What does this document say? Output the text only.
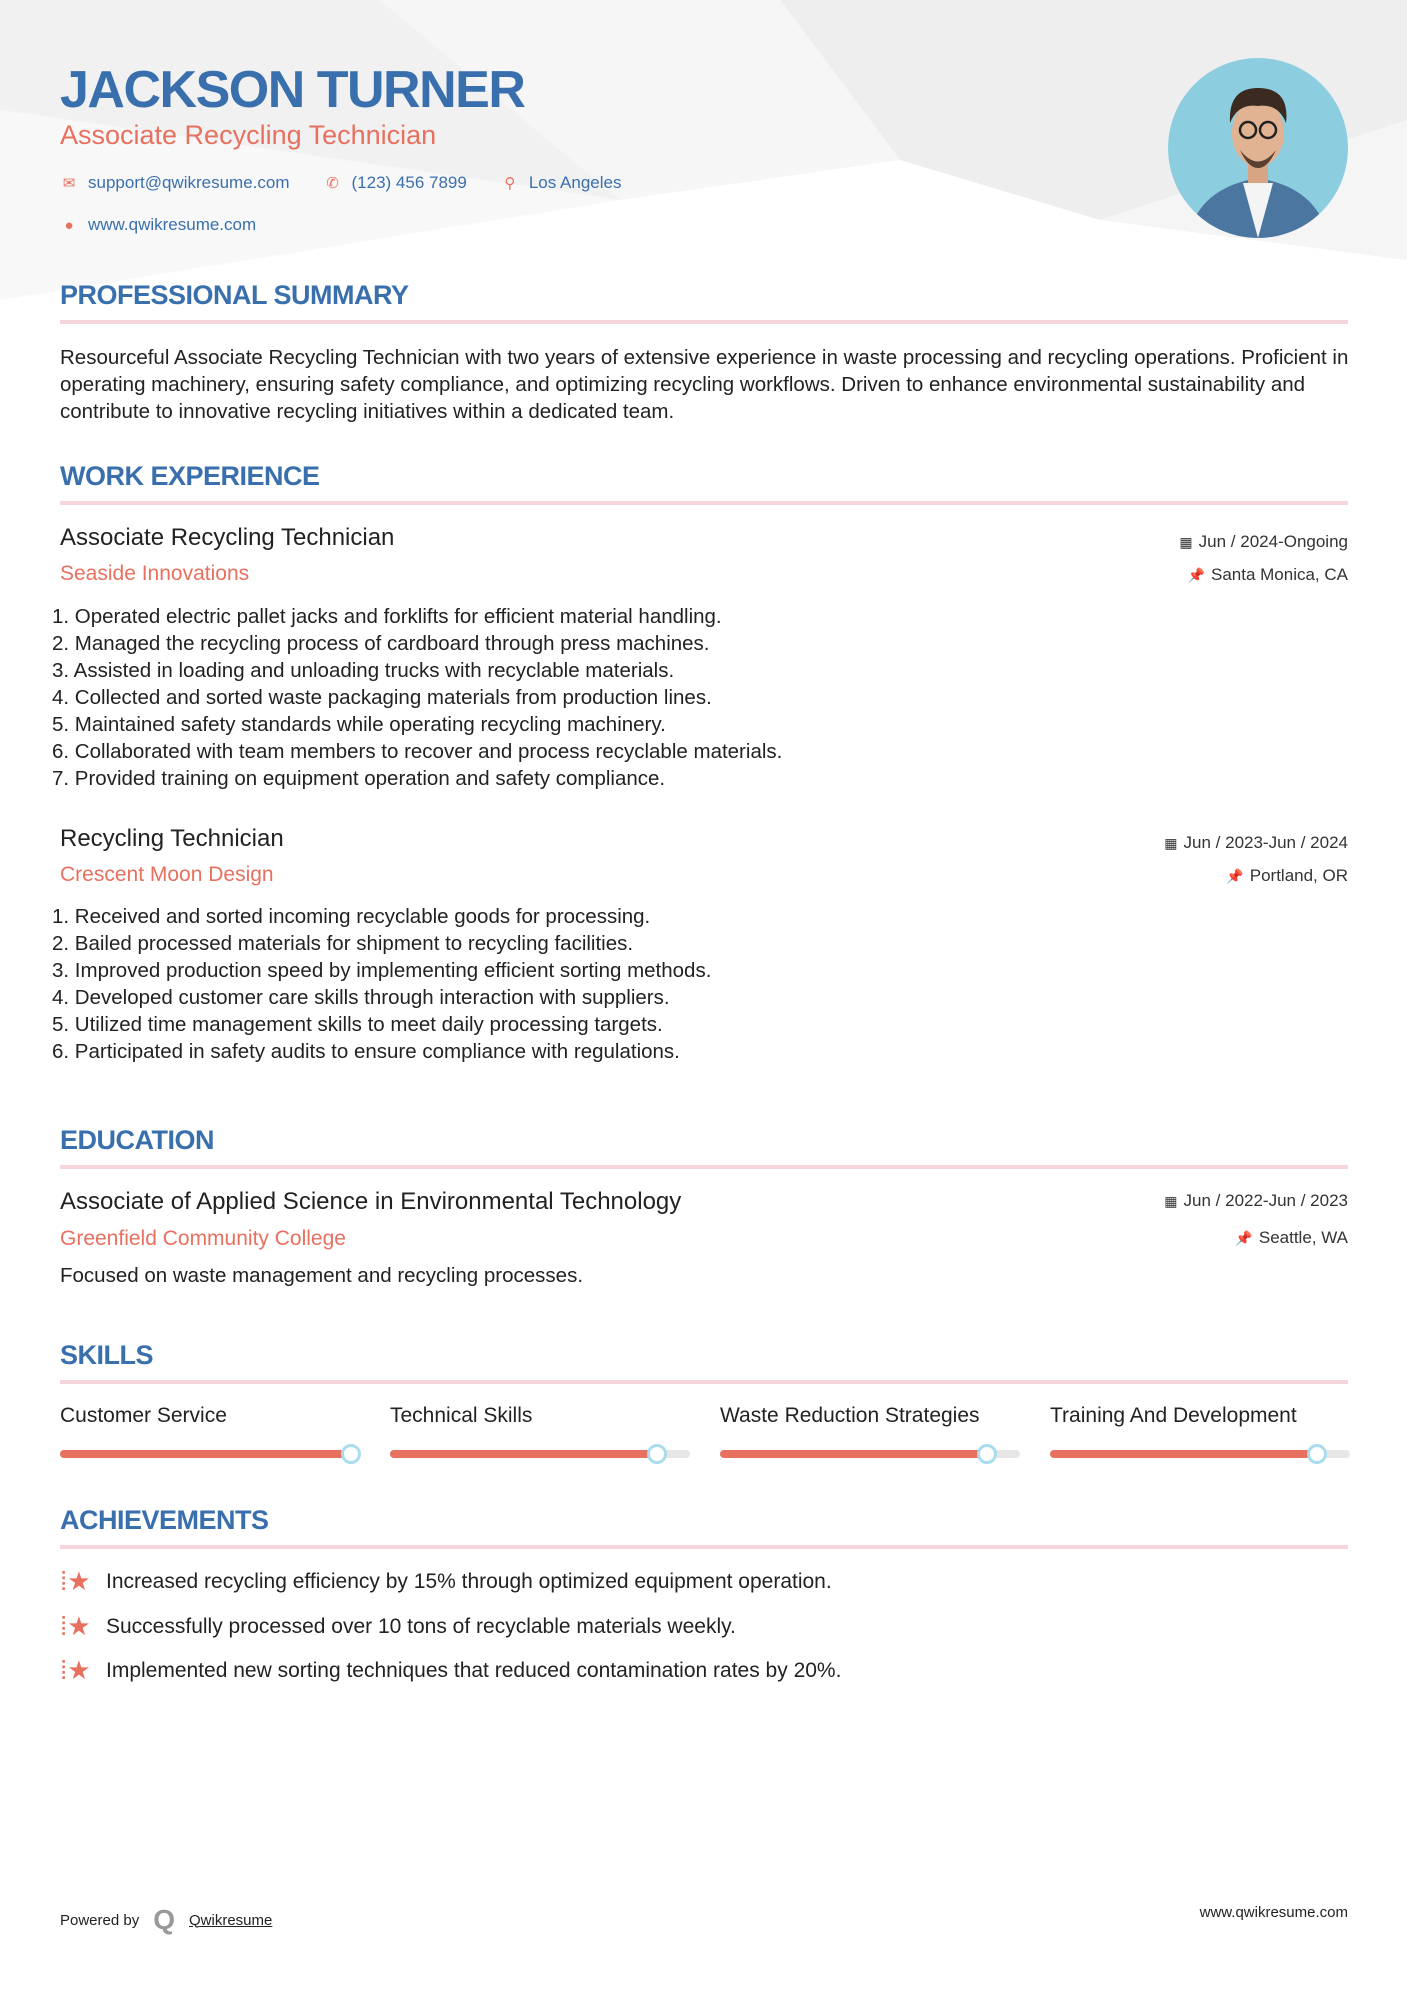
JACKSON TURNER
Associate Recycling Technician
✉ support@qwikresume.com ✆ (123) 456 7899	⚲ Los Angeles
● www.qwikresume.com
PROFESSIONAL SUMMARY
Resourceful Associate Recycling Technician with two years of extensive experience in waste processing and recycling operations. Proficient in operating machinery, ensuring safety compliance, and optimizing recycling workflows. Driven to enhance environmental sustainability and contribute to innovative recycling initiatives within a dedicated team.
WORK EXPERIENCE
Associate Recycling Technician
Seaside Innovations
▦ Jun / 2024-Ongoing
📌 Santa Monica, CA
1. Operated electric pallet jacks and forklifts for efficient material handling.
2. Managed the recycling process of cardboard through press machines.
3. Assisted in loading and unloading trucks with recyclable materials.
4. Collected and sorted waste packaging materials from production lines.
5. Maintained safety standards while operating recycling machinery.
6. Collaborated with team members to recover and process recyclable materials.
7. Provided training on equipment operation and safety compliance.
Recycling Technician
Crescent Moon Design
▦ Jun / 2023-Jun / 2024
📌 Portland, OR
1. Received and sorted incoming recyclable goods for processing.
2. Bailed processed materials for shipment to recycling facilities.
3. Improved production speed by implementing efficient sorting methods.
4. Developed customer care skills through interaction with suppliers.
5. Utilized time management skills to meet daily processing targets.
6. Participated in safety audits to ensure compliance with regulations.
EDUCATION
Associate of Applied Science in Environmental Technology
Greenfield Community College
▦ Jun / 2022-Jun / 2023
📌 Seattle, WA
Focused on waste management and recycling processes.
SKILLS
Customer Service	Technical Skills	Waste Reduction Strategies	Training And Development
ACHIEVEMENTS
⁞★ Increased recycling efficiency by 15% through optimized equipment operation.
⁞★ Successfully processed over 10 tons of recyclable materials weekly.
⁞★ Implemented new sorting techniques that reduced contamination rates by 20%.
Powered by Q Qwikresume	www.qwikresume.com
